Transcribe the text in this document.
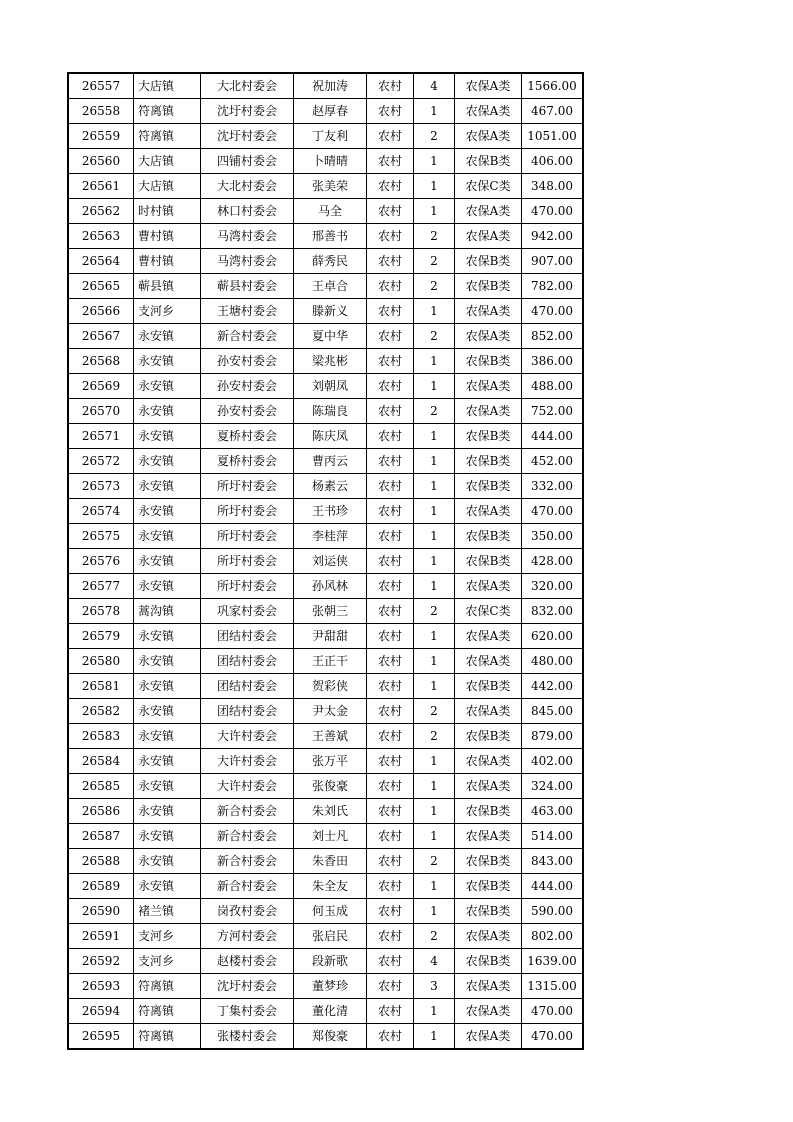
26557	大店镇	大北村委会	祝加涛	农村	4	农保A类	1566.00
26558	符离镇	沈圩村委会	赵厚春	农村	1	农保A类	467.00
26559	符离镇	沈圩村委会	丁友利	农村	2	农保A类	1051.00
26560	大店镇	四铺村委会	卜晴晴	农村	1	农保B类	406.00
26561	大店镇	大北村委会	张美荣	农村	1	农保C类	348.00
26562	时村镇	林口村委会	马全	农村	1	农保A类	470.00
26563	曹村镇	马湾村委会	邢善书	农村	2	农保A类	942.00
26564	曹村镇	马湾村委会	薛秀民	农村	2	农保B类	907.00
26565	蕲县镇	蕲县村委会	王卓合	农村	2	农保B类	782.00
26566	支河乡	王塘村委会	滕新义	农村	1	农保A类	470.00
26567	永安镇	新合村委会	夏中华	农村	2	农保A类	852.00
26568	永安镇	孙安村委会	梁兆彬	农村	1	农保B类	386.00
26569	永安镇	孙安村委会	刘朝凤	农村	1	农保A类	488.00
26570	永安镇	孙安村委会	陈瑞良	农村	2	农保A类	752.00
26571	永安镇	夏桥村委会	陈庆凤	农村	1	农保B类	444.00
26572	永安镇	夏桥村委会	曹丙云	农村	1	农保B类	452.00
26573	永安镇	所圩村委会	杨素云	农村	1	农保B类	332.00
26574	永安镇	所圩村委会	王书珍	农村	1	农保A类	470.00
26575	永安镇	所圩村委会	李桂萍	农村	1	农保B类	350.00
26576	永安镇	所圩村委会	刘运侠	农村	1	农保B类	428.00
26577	永安镇	所圩村委会	孙风林	农村	1	农保A类	320.00
26578	蒿沟镇	巩家村委会	张朝三	农村	2	农保C类	832.00
26579	永安镇	团结村委会	尹甜甜	农村	1	农保A类	620.00
26580	永安镇	团结村委会	王正干	农村	1	农保A类	480.00
26581	永安镇	团结村委会	贺彩侠	农村	1	农保B类	442.00
26582	永安镇	团结村委会	尹太金	农村	2	农保A类	845.00
26583	永安镇	大许村委会	王善斌	农村	2	农保B类	879.00
26584	永安镇	大许村委会	张万平	农村	1	农保A类	402.00
26585	永安镇	大许村委会	张俊豪	农村	1	农保A类	324.00
26586	永安镇	新合村委会	朱刘氏	农村	1	农保B类	463.00
26587	永安镇	新合村委会	刘士凡	农村	1	农保A类	514.00
26588	永安镇	新合村委会	朱香田	农村	2	农保B类	843.00
26589	永安镇	新合村委会	朱全友	农村	1	农保B类	444.00
26590	褚兰镇	岗孜村委会	何玉成	农村	1	农保B类	590.00
26591	支河乡	方河村委会	张启民	农村	2	农保A类	802.00
26592	支河乡	赵楼村委会	段新歌	农村	4	农保B类	1639.00
26593	符离镇	沈圩村委会	董梦珍	农村	3	农保A类	1315.00
26594	符离镇	丁集村委会	董化清	农村	1	农保A类	470.00
26595	符离镇	张楼村委会	郑俊豪	农村	1	农保A类	470.00
